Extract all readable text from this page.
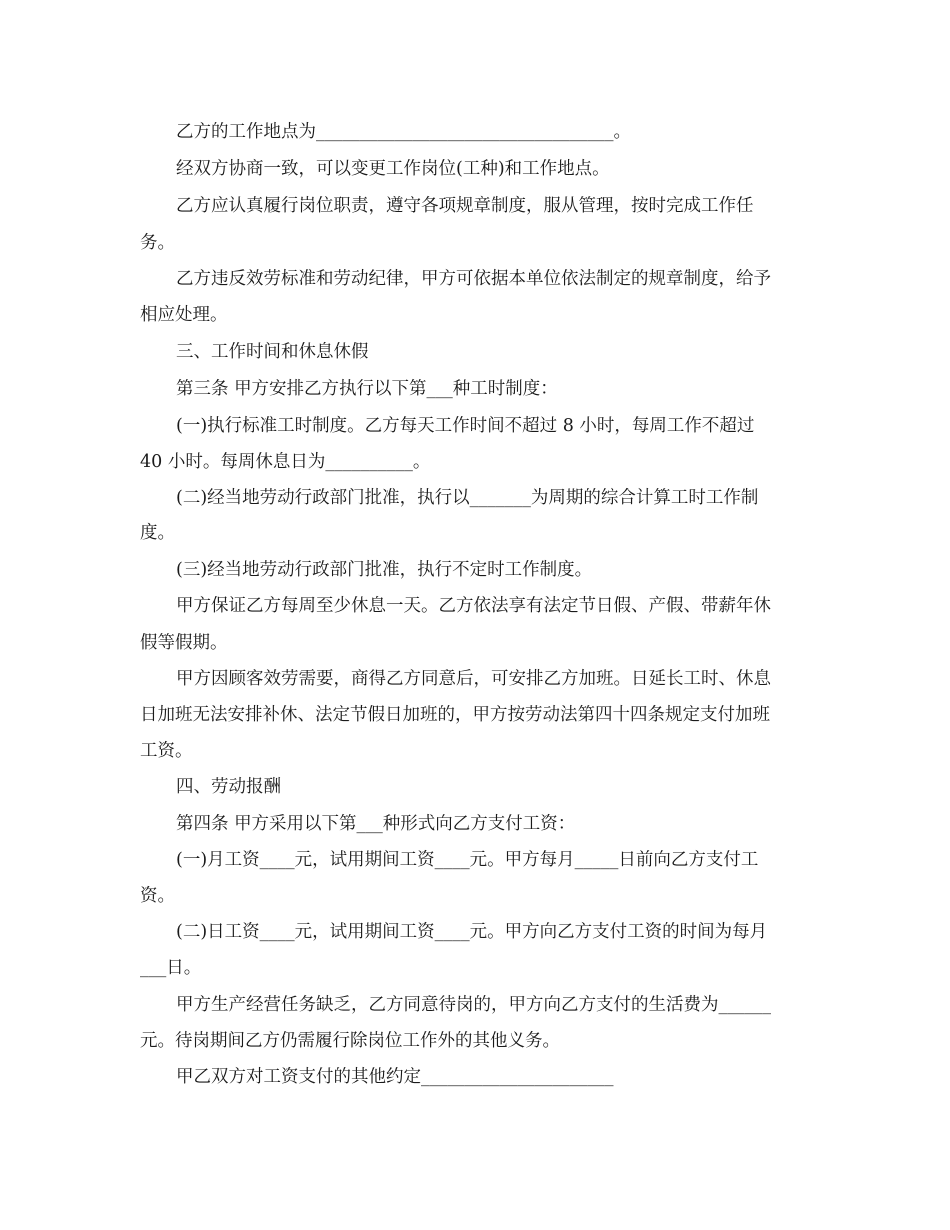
乙方的工作地点为__________________________________。
经双方协商一致，可以变更工作岗位(工种)和工作地点。
乙方应认真履行岗位职责，遵守各项规章制度，服从管理，按时完成工作任
务。
乙方违反效劳标准和劳动纪律，甲方可依据本单位依法制定的规章制度，给予
相应处理。
三、工作时间和休息休假
第三条 甲方安排乙方执行以下第___种工时制度：
(一)执行标准工时制度。乙方每天工作时间不超过 8 小时，每周工作不超过
40 小时。每周休息日为__________。
(二)经当地劳动行政部门批准，执行以_______为周期的综合计算工时工作制
度。
(三)经当地劳动行政部门批准，执行不定时工作制度。
甲方保证乙方每周至少休息一天。乙方依法享有法定节日假、产假、带薪年休
假等假期。
甲方因顾客效劳需要，商得乙方同意后，可安排乙方加班。日延长工时、休息
日加班无法安排补休、法定节假日加班的，甲方按劳动法第四十四条规定支付加班
工资。
四、劳动报酬
第四条 甲方采用以下第___种形式向乙方支付工资：
(一)月工资____元，试用期间工资____元。甲方每月_____日前向乙方支付工
资。
(二)日工资____元，试用期间工资____元。甲方向乙方支付工资的时间为每月
___日。
甲方生产经营任务缺乏，乙方同意待岗的，甲方向乙方支付的生活费为______
元。待岗期间乙方仍需履行除岗位工作外的其他义务。
甲乙双方对工资支付的其他约定______________________
